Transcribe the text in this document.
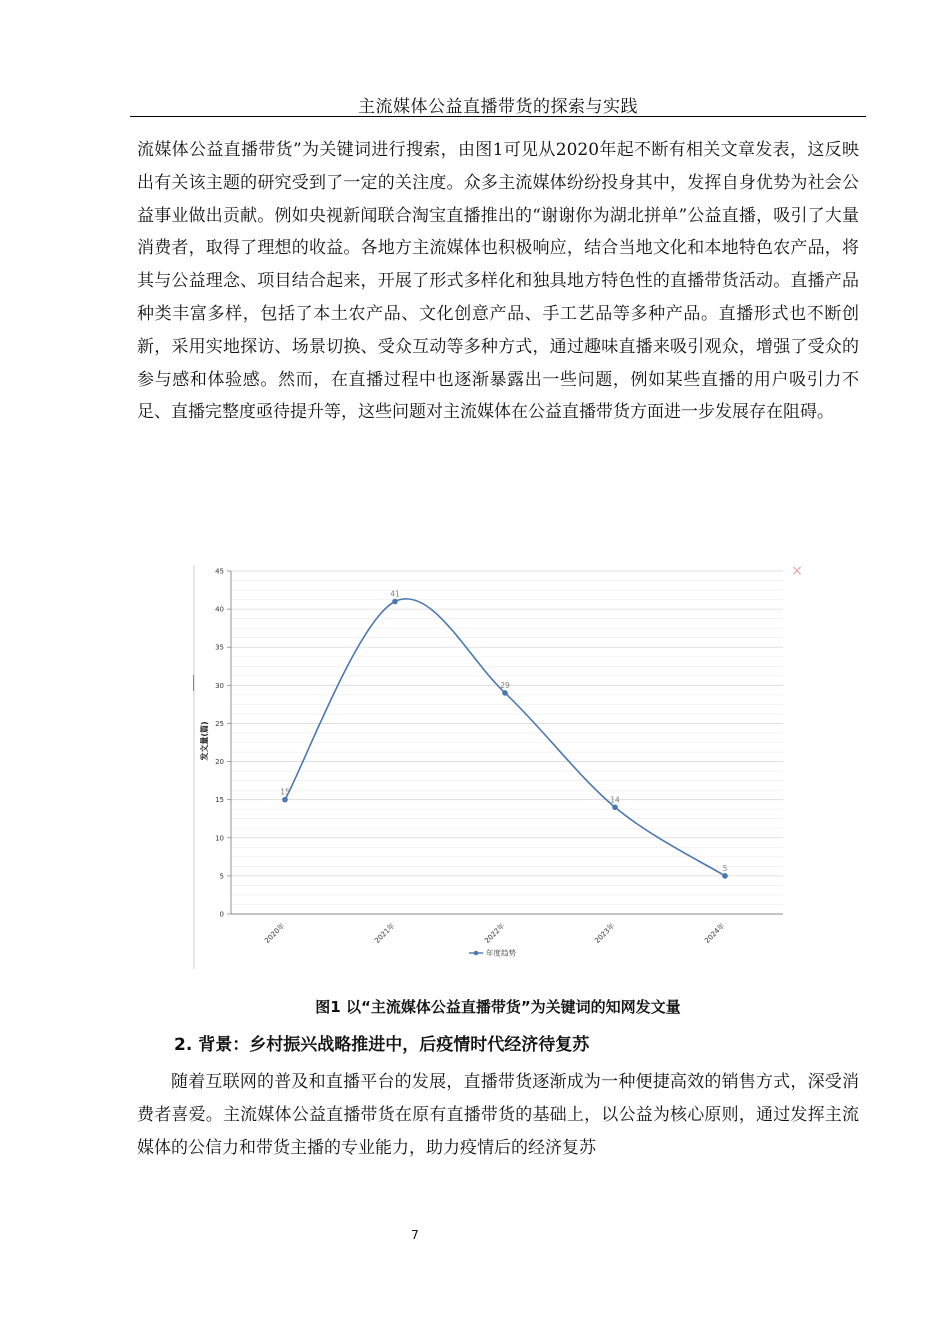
主流媒体公益直播带货的探索与实践

流媒体公益直播带货”为关键词进行搜索，由图1可见从2020年起不断有相关文章发表，这反映出有关该主题的研究受到了一定的关注度。众多主流媒体纷纷投身其中，发挥自身优势为社会公益事业做出贡献。例如央视新闻联合淘宝直播推出的“谢谢你为湖北拼单”公益直播，吸引了大量消费者，取得了理想的收益。各地方主流媒体也积极响应，结合当地文化和本地特色农产品，将其与公益理念、项目结合起来，开展了形式多样化和独具地方特色性的直播带货活动。直播产品种类丰富多样，包括了本土农产品、文化创意产品、手工艺品等多种产品。直播形式也不断创新，采用实地探访、场景切换、受众互动等多种方式，通过趣味直播来吸引观众，增强了受众的参与感和体验感。然而，在直播过程中也逐渐暴露出一些问题，例如某些直播的用户吸引力不足、直播完整度亟待提升等，这些问题对主流媒体在公益直播带货方面进一步发展存在阻碍。

×
0
5
10
15
20
25
30
35
40
45
2020年	2021年	2022年	2023年	2024年
15
41
29
14
5
年度趋势
发文量(篇)
图1 以“主流媒体公益直播带货”为关键词的知网发文量
2. 背景：乡村振兴战略推进中，后疫情时代经济待复苏

随着互联网的普及和直播平台的发展，直播带货逐渐成为一种便捷高效的销售方式，深受消费者喜爱。主流媒体公益直播带货在原有直播带货的基础上，以公益为核心原则，通过发挥主流媒体的公信力和带货主播的专业能力，助力疫情后的经济复苏

7
